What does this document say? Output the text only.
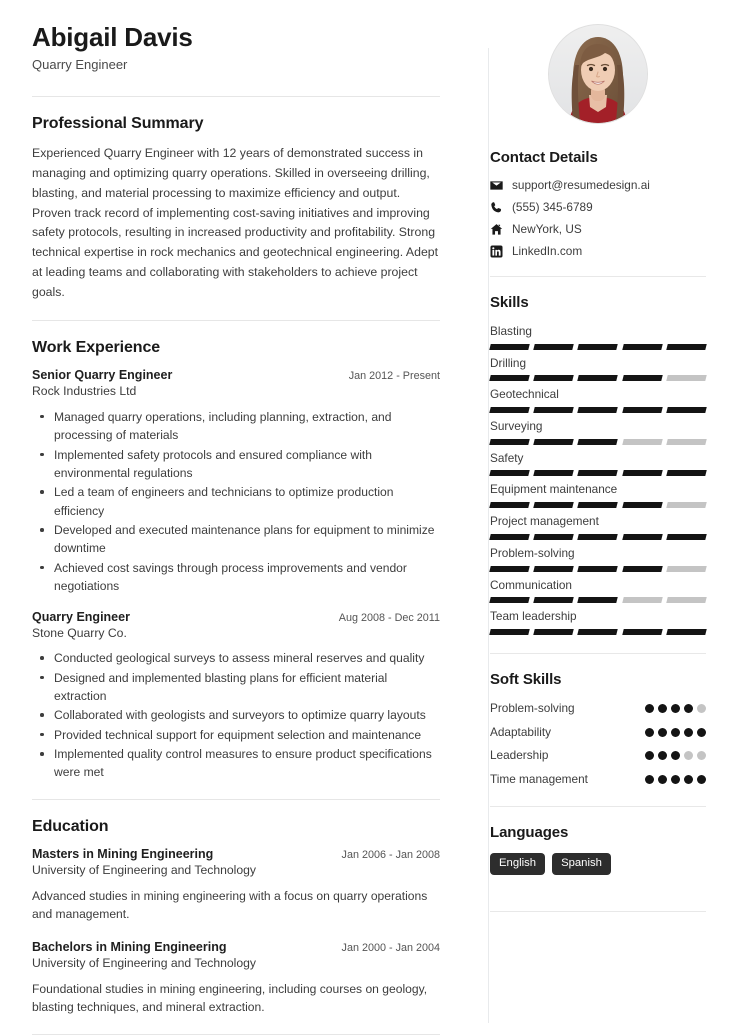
Abigail Davis
Quarry Engineer
Professional Summary
Experienced Quarry Engineer with 12 years of demonstrated success in managing and optimizing quarry operations. Skilled in overseeing drilling, blasting, and material processing to maximize efficiency and output. Proven track record of implementing cost-saving initiatives and improving safety protocols, resulting in increased productivity and profitability. Strong technical expertise in rock mechanics and geotechnical engineering. Adept at leading teams and collaborating with stakeholders to achieve project goals.
Work Experience
Senior Quarry Engineer	Jan 2012 - Present
Rock Industries Ltd
Managed quarry operations, including planning, extraction, and processing of materials
Implemented safety protocols and ensured compliance with environmental regulations
Led a team of engineers and technicians to optimize production efficiency
Developed and executed maintenance plans for equipment to minimize downtime
Achieved cost savings through process improvements and vendor negotiations
Quarry Engineer	Aug 2008 - Dec 2011
Stone Quarry Co.
Conducted geological surveys to assess mineral reserves and quality
Designed and implemented blasting plans for efficient material extraction
Collaborated with geologists and surveyors to optimize quarry layouts
Provided technical support for equipment selection and maintenance
Implemented quality control measures to ensure product specifications were met
Education
Masters in Mining Engineering	Jan 2006 - Jan 2008
University of Engineering and Technology
Advanced studies in mining engineering with a focus on quarry operations and management.
Bachelors in Mining Engineering	Jan 2000 - Jan 2004
University of Engineering and Technology
Foundational studies in mining engineering, including courses on geology, blasting techniques, and mineral extraction.
Contact Details
support@resumedesign.ai
(555) 345-6789
NewYork, US
LinkedIn.com
Skills
Blasting
Drilling
Geotechnical
Surveying
Safety
Equipment maintenance
Project management
Problem-solving
Communication
Team leadership
Soft Skills
Problem-solving
Adaptability
Leadership
Time management
Languages
English	Spanish
